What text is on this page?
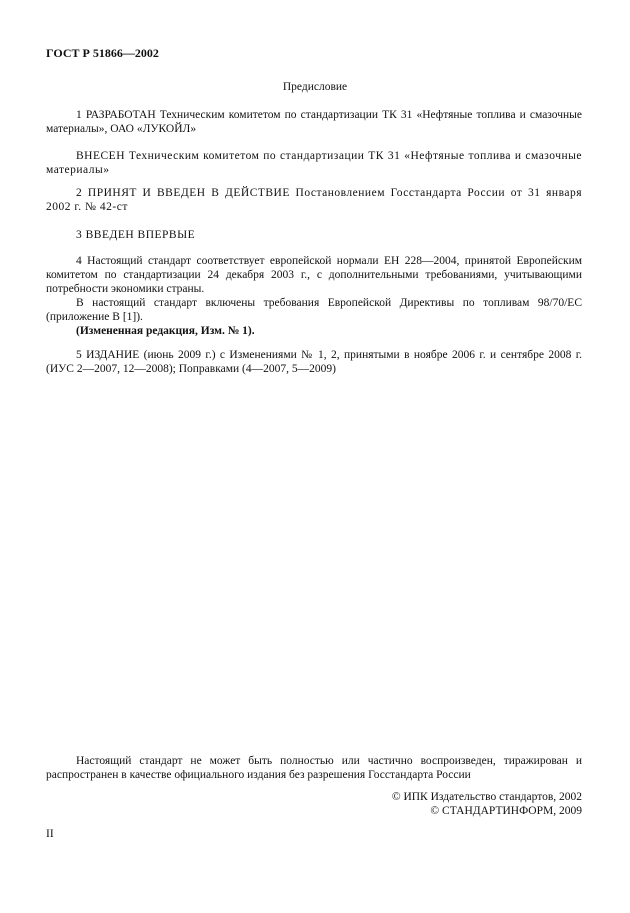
ГОСТ Р 51866—2002
Предисловие

1 РАЗРАБОТАН Техническим комитетом по стандартизации ТК 31 «Нефтяные топлива и смазочные материалы», ОАО «ЛУКОЙЛ»

ВНЕСЕН Техническим комитетом по стандартизации ТК 31 «Нефтяные топлива и смазочные материалы»

2 ПРИНЯТ И ВВЕДЕН В ДЕЙСТВИЕ Постановлением Госстандарта России от 31 января 2002 г. № 42-ст

3 ВВЕДЕН ВПЕРВЫЕ

4 Настоящий стандарт соответствует европейской нормали ЕН 228—2004, принятой Европейским комитетом по стандартизации 24 декабря 2003 г., с дополнительными требованиями, учитывающими потребности экономики страны.

В настоящий стандарт включены требования Европейской Директивы по топливам 98/70/ЕС (приложение В [1]).

(Измененная редакция, Изм. № 1).

5 ИЗДАНИЕ (июнь 2009 г.) с Изменениями № 1, 2, принятыми в ноябре 2006 г. и сентябре 2008 г. (ИУС 2—2007, 12—2008); Поправками (4—2007, 5—2009)

Настоящий стандарт не может быть полностью или частично воспроизведен, тиражирован и распространен в качестве официального издания без разрешения Госстандарта России

© ИПК Издательство стандартов, 2002
© СТАНДАРТИНФОРМ, 2009
II
